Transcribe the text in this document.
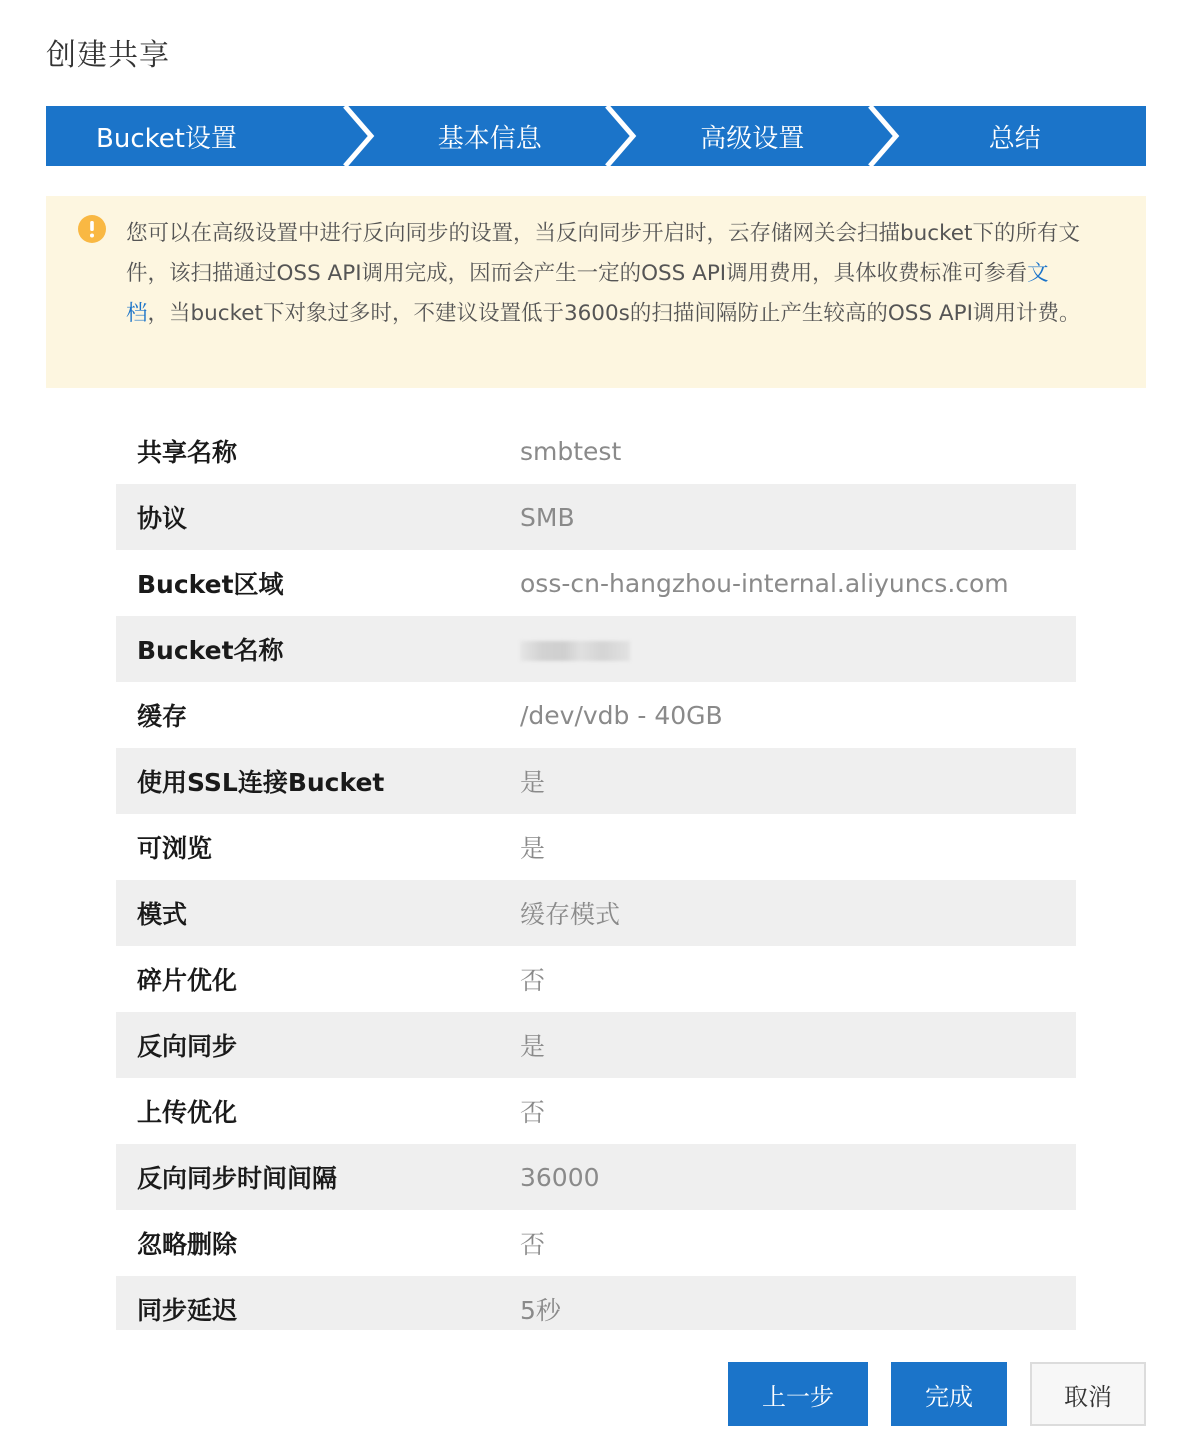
创建共享
Bucket设置	基本信息	高级设置	总结

您可以在高级设置中进行反向同步的设置，当反向同步开启时，云存储网关会扫描bucket下的所有文件，该扫描通过OSS API调用完成，因而会产生一定的OSS API调用费用，具体收费标准可参看文档，当bucket下对象过多时，不建议设置低于3600s的扫描间隔防止产生较高的OSS API调用计费。

共享名称	smbtest
协议	SMB
Bucket区域	oss-cn-hangzhou-internal.aliyuncs.com
Bucket名称
缓存	/dev/vdb - 40GB
使用SSL连接Bucket	是
可浏览	是
模式	缓存模式
碎片优化	否
反向同步	是
上传优化	否
反向同步时间间隔	36000
忽略删除	否
同步延迟	5秒
上一步	完成	取消
